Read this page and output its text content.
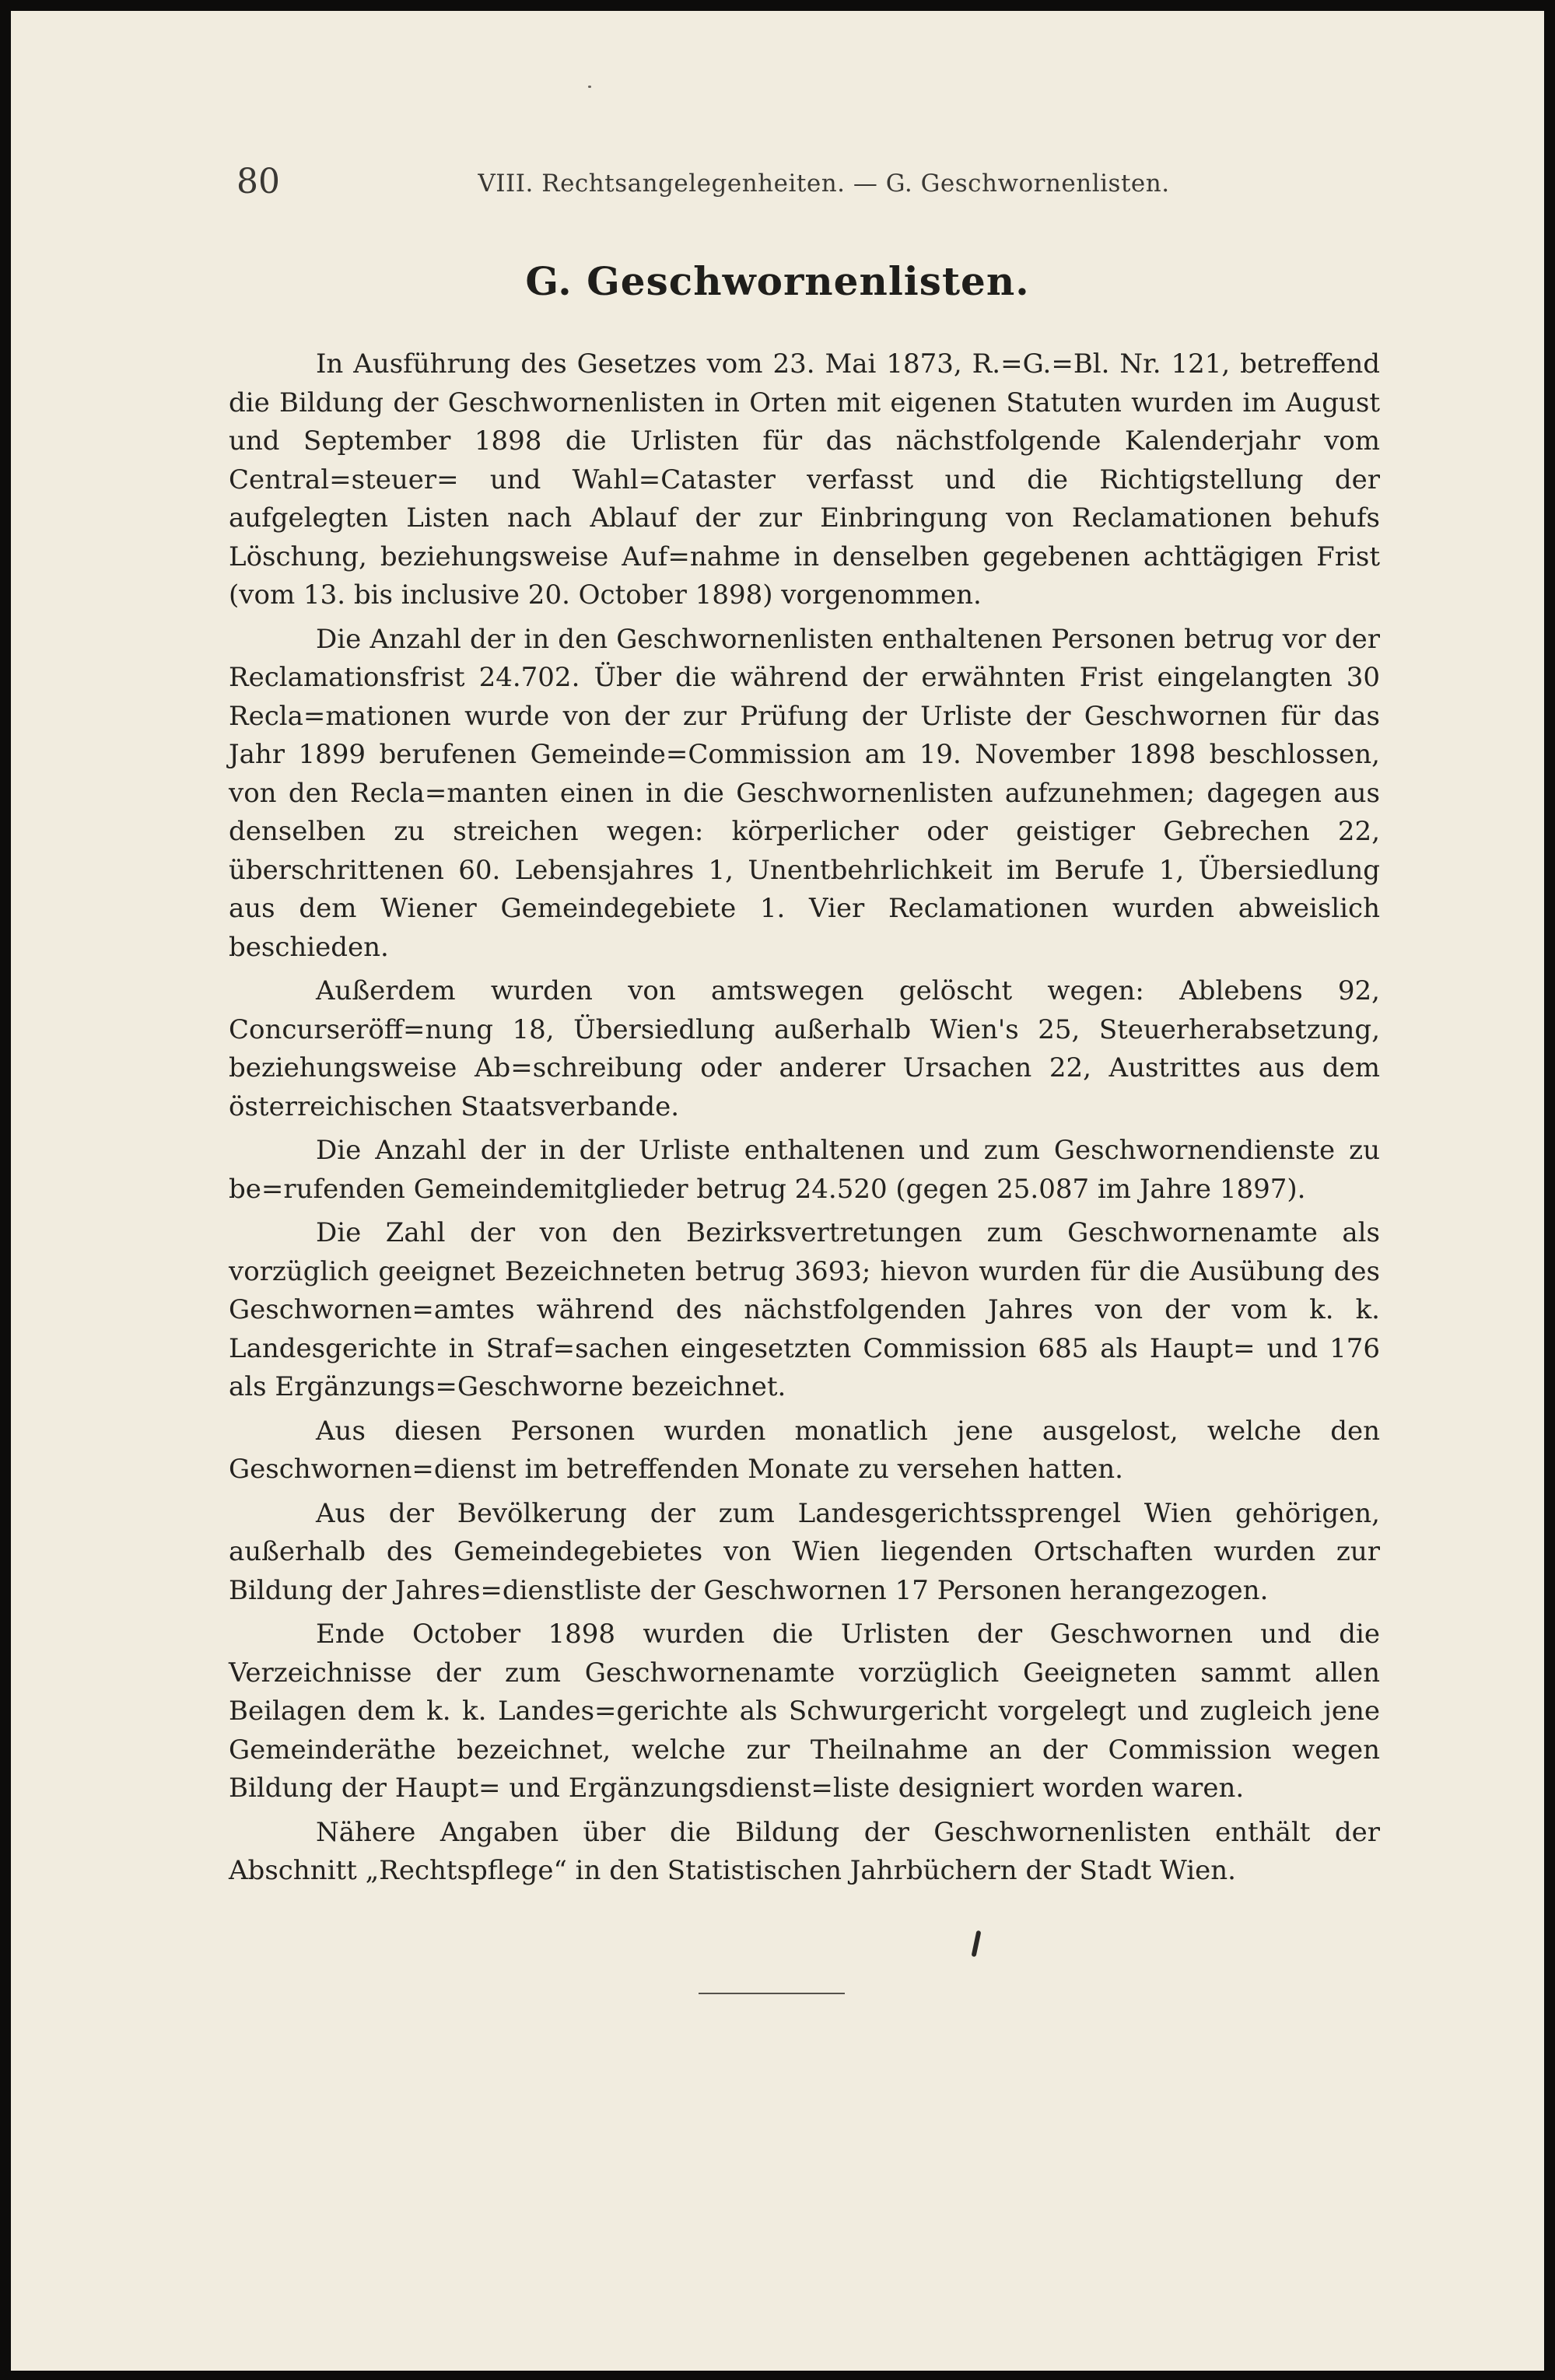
80	VIII. Rechtsangelegenheiten. — G. Geschwornenlisten.
G. Geschwornenlisten.

In Ausführung des Gesetzes vom 23. Mai 1873, R.=G.=Bl. Nr. 121, betreffend die Bildung der Geschwornenlisten in Orten mit eigenen Statuten wurden im August und September 1898 die Urlisten für das nächstfolgende Kalenderjahr vom Central=steuer= und Wahl=Cataster verfasst und die Richtigstellung der aufgelegten Listen nach Ablauf der zur Einbringung von Reclamationen behufs Löschung, beziehungsweise Auf=nahme in denselben gegebenen achttägigen Frist (vom 13. bis inclusive 20. October 1898) vorgenommen.

Die Anzahl der in den Geschwornenlisten enthaltenen Personen betrug vor der Reclamationsfrist 24.702. Über die während der erwähnten Frist eingelangten 30 Recla=mationen wurde von der zur Prüfung der Urliste der Geschwornen für das Jahr 1899 berufenen Gemeinde=Commission am 19. November 1898 beschlossen, von den Recla=manten einen in die Geschwornenlisten aufzunehmen; dagegen aus denselben zu streichen wegen: körperlicher oder geistiger Gebrechen 22, überschrittenen 60. Lebensjahres 1, Unentbehrlichkeit im Berufe 1, Übersiedlung aus dem Wiener Gemeindegebiete 1. Vier Reclamationen wurden abweislich beschieden.

Außerdem wurden von amtswegen gelöscht wegen: Ablebens 92, Concurseröff=nung 18, Übersiedlung außerhalb Wien's 25, Steuerherabsetzung, beziehungsweise Ab=schreibung oder anderer Ursachen 22, Austrittes aus dem österreichischen Staatsverbande.

Die Anzahl der in der Urliste enthaltenen und zum Geschwornendienste zu be=rufenden Gemeindemitglieder betrug 24.520 (gegen 25.087 im Jahre 1897).

Die Zahl der von den Bezirksvertretungen zum Geschwornenamte als vorzüglich geeignet Bezeichneten betrug 3693; hievon wurden für die Ausübung des Geschwornen=amtes während des nächstfolgenden Jahres von der vom k. k. Landesgerichte in Straf=sachen eingesetzten Commission 685 als Haupt= und 176 als Ergänzungs=Geschworne bezeichnet.

Aus diesen Personen wurden monatlich jene ausgelost, welche den Geschwornen=dienst im betreffenden Monate zu versehen hatten.

Aus der Bevölkerung der zum Landesgerichtssprengel Wien gehörigen, außerhalb des Gemeindegebietes von Wien liegenden Ortschaften wurden zur Bildung der Jahres=dienstliste der Geschwornen 17 Personen herangezogen.

Ende October 1898 wurden die Urlisten der Geschwornen und die Verzeichnisse der zum Geschwornenamte vorzüglich Geeigneten sammt allen Beilagen dem k. k. Landes=gerichte als Schwurgericht vorgelegt und zugleich jene Gemeinderäthe bezeichnet, welche zur Theilnahme an der Commission wegen Bildung der Haupt= und Ergänzungsdienst=liste designiert worden waren.

Nähere Angaben über die Bildung der Geschwornenlisten enthält der Abschnitt „Rechtspflege“ in den Statistischen Jahrbüchern der Stadt Wien.
